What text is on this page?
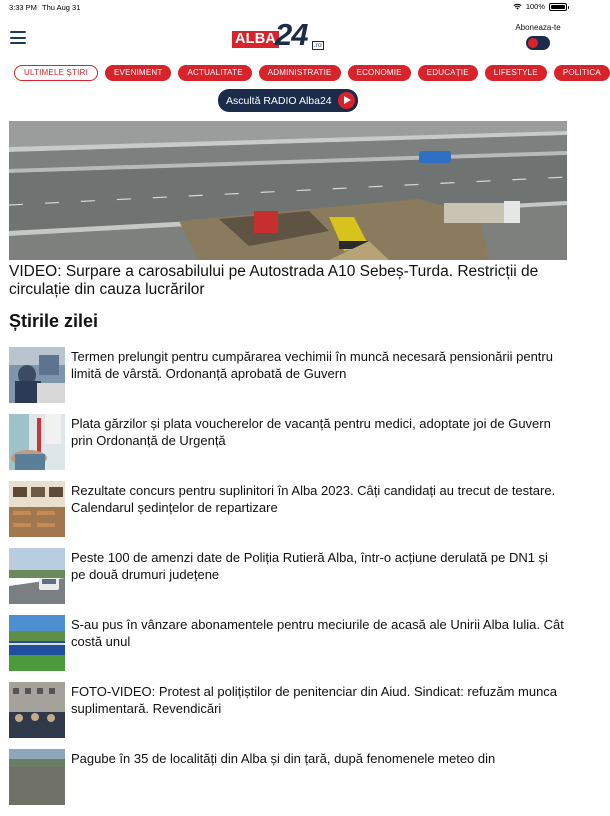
3:33 PM Thu Aug 31	100%
ALBA
24	.ro
Aboneaza-te
ULTIMELE ȘTIRI	EVENIMENT	ACTUALITATE	ADMINISTRATIE	ECONOMIE	EDUCAȚIE	LIFESTYLE	POLITICA
Ascultă RADIO Alba24
VIDEO: Surpare a carosabilului pe Autostrada A10 Sebeș-Turda. Restricții de circulație din cauza lucrărilor
Știrile zilei
Termen prelungit pentru cumpărarea vechimii în muncă necesară pensionării pentru limită de vârstă. Ordonanță aprobată de Guvern
Plata gărzilor și plata voucherelor de vacanță pentru medici, adoptate joi de Guvern prin Ordonanță de Urgență
Rezultate concurs pentru suplinitori în Alba 2023. Câți candidați au trecut de testare. Calendarul ședințelor de repartizare
Peste 100 de amenzi date de Poliția Rutieră Alba, într-o acțiune derulată pe DN1 și pe două drumuri județene
S-au pus în vânzare abonamentele pentru meciurile de acasă ale Unirii Alba Iulia. Cât costă unul
FOTO-VIDEO: Protest al polițiștilor de penitenciar din Aiud. Sindicat: refuzăm munca suplimentară. Revendicări
Pagube în 35 de localități din Alba și din țară, după fenomenele meteo din
